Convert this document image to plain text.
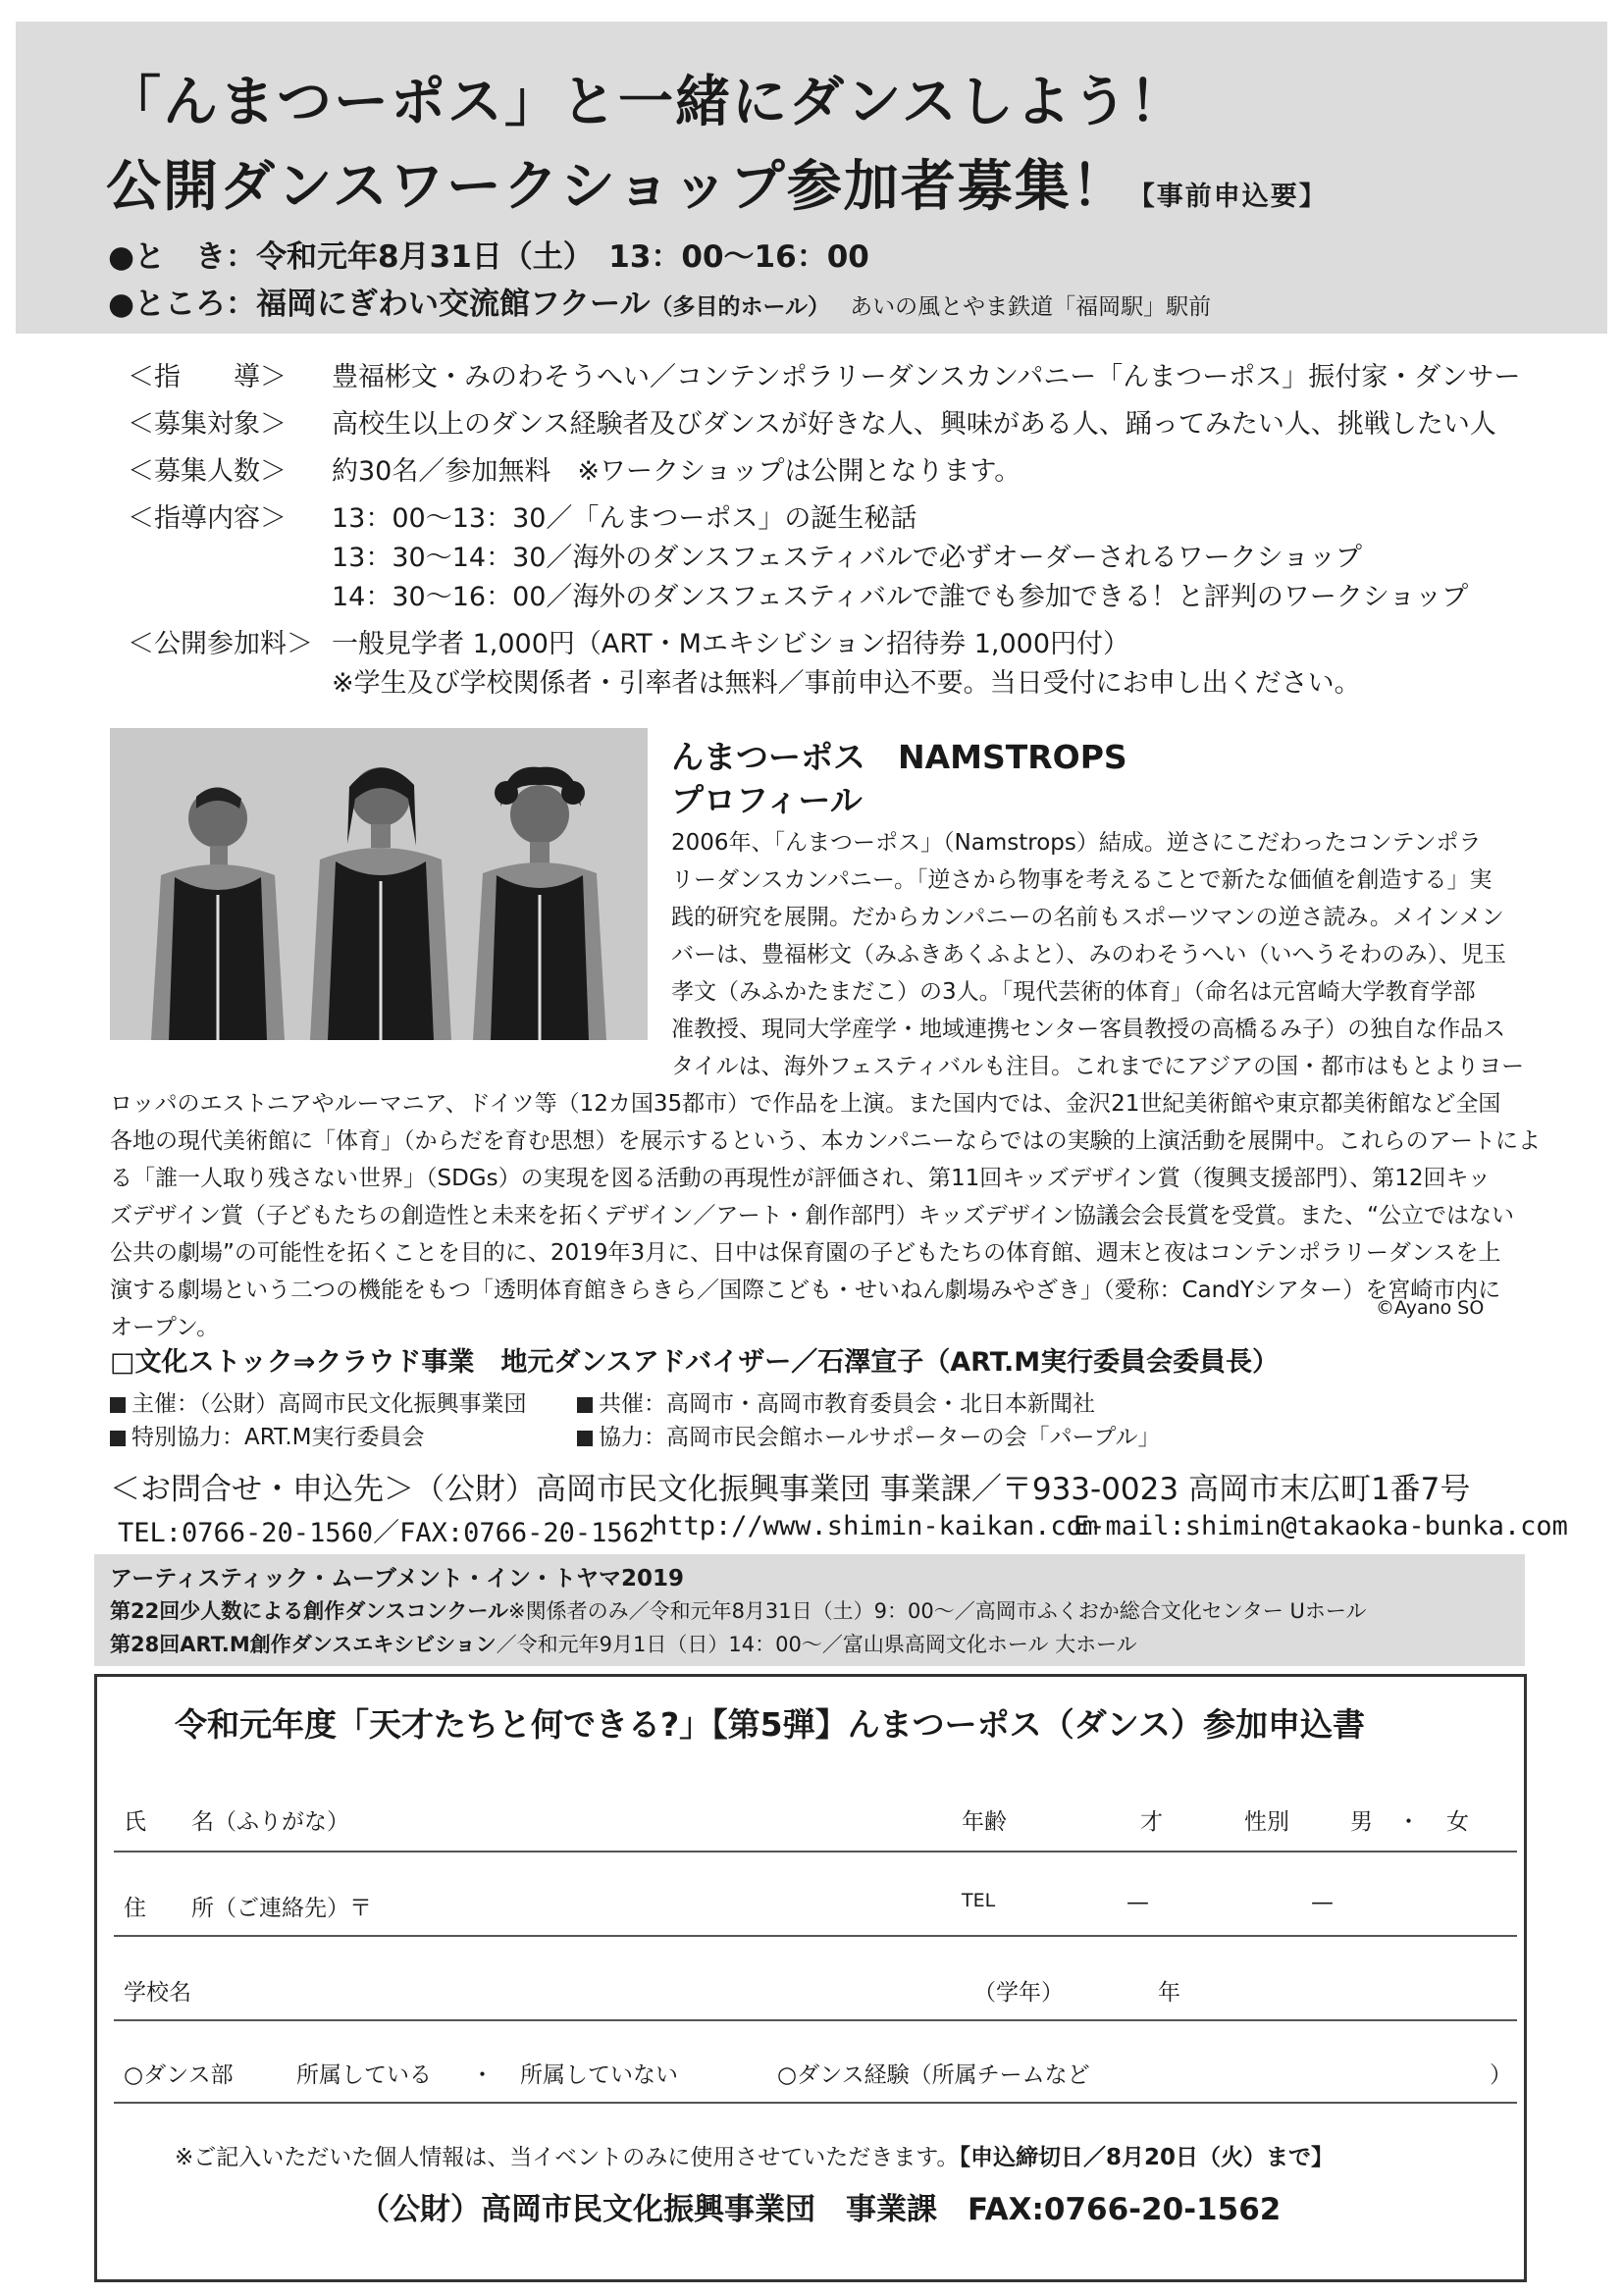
「んまつーポス」と一緒にダンスしよう！
公開ダンスワークショップ参加者募集！【事前申込要】
●と　き：令和元年8月31日（土）　13：00〜16：00
●ところ：福岡にぎわい交流館フクール（多目的ホール） あいの風とやま鉄道「福岡駅」駅前
＜指　　導＞	豊福彬文・みのわそうへい／コンテンポラリーダンスカンパニー「んまつーポス」振付家・ダンサー
＜募集対象＞	高校生以上のダンス経験者及びダンスが好きな人、興味がある人、踊ってみたい人、挑戦したい人
＜募集人数＞	約30名／参加無料　※ワークショップは公開となります。
＜指導内容＞	13：00〜13：30／「んまつーポス」の誕生秘話
13：30〜14：30／海外のダンスフェスティバルで必ずオーダーされるワークショップ
14：30〜16：00／海外のダンスフェスティバルで誰でも参加できる！と評判のワークショップ
＜公開参加料＞ 一般見学者 1,000円（ART・Mエキシビション招待券 1,000円付）
※学生及び学校関係者・引率者は無料／事前申込不要。当日受付にお申し出ください。
んまつーポス　NAMSTROPS
プロフィール
2006年、「んまつーポス」（Namstrops）結成。逆さにこだわったコンテンポラ
リーダンスカンパニー。「逆さから物事を考えることで新たな価値を創造する」実
践的研究を展開。だからカンパニーの名前もスポーツマンの逆さ読み。メインメン
バーは、豊福彬文（みふきあくふよと）、みのわそうへい（いへうそわのみ）、児玉
孝文（みふかたまだこ）の3人。「現代芸術的体育」（命名は元宮崎大学教育学部
准教授、現同大学産学・地域連携センター客員教授の高橋るみ子）の独自な作品ス
タイルは、海外フェスティバルも注目。これまでにアジアの国・都市はもとよりヨー
ロッパのエストニアやルーマニア、ドイツ等（12カ国35都市）で作品を上演。また国内では、金沢21世紀美術館や東京都美術館など全国
各地の現代美術館に「体育」（からだを育む思想）を展示するという、本カンパニーならではの実験的上演活動を展開中。これらのアートによ
る「誰一人取り残さない世界」（SDGs）の実現を図る活動の再現性が評価され、第11回キッズデザイン賞（復興支援部門）、第12回キッ
ズデザイン賞（子どもたちの創造性と未来を拓くデザイン／アート・創作部門）キッズデザイン協議会会長賞を受賞。また、“公立ではない
公共の劇場”の可能性を拓くことを目的に、2019年3月に、日中は保育園の子どもたちの体育館、週末と夜はコンテンポラリーダンスを上
演する劇場という二つの機能をもつ「透明体育館きらきら／国際こども・せいねん劇場みやざき」（愛称：CandYシアター）を宮崎市内に
オープン。
©Ayano SO
□文化ストック⇒クラウド事業　地元ダンスアドバイザー／石澤宣子（ART.M実行委員会委員長）
主催：（公財）高岡市民文化振興事業団	共催：高岡市・高岡市教育委員会・北日本新聞社
特別協力：ART.M実行委員会	協力：高岡市民会館ホールサポーターの会「パープル」
＜お問合せ・申込先＞（公財）高岡市民文化振興事業団 事業課／〒933-0023 高岡市末広町1番7号
TEL:0766-20-1560／FAX:0766-20-1562
http://www.shimin-kaikan.com
E-mail:shimin@takaoka-bunka.com
アーティスティック・ムーブメント・イン・トヤマ2019
第22回少人数による創作ダンスコンクール※関係者のみ／令和元年8月31日（土）9：00〜／高岡市ふくおか総合文化センター Uホール
第28回ART.M創作ダンスエキシビション／令和元年9月1日（日）14：00〜／富山県高岡文化ホール 大ホール
令和元年度「天才たちと何できる?」【第5弾】んまつーポス（ダンス）参加申込書
氏　　名（ふりがな）	年齢	才	性別	男 ・ 女
住　　所（ご連絡先）〒	TEL	—	—
学校名	（学年）	年
○ダンス部	所属している ・ 所属していない	○ダンス経験（所属チームなど	）
※ご記入いただいた個人情報は、当イベントのみに使用させていただきます。【申込締切日／8月20日（火）まで】
（公財）高岡市民文化振興事業団　事業課　FAX:0766-20-1562
